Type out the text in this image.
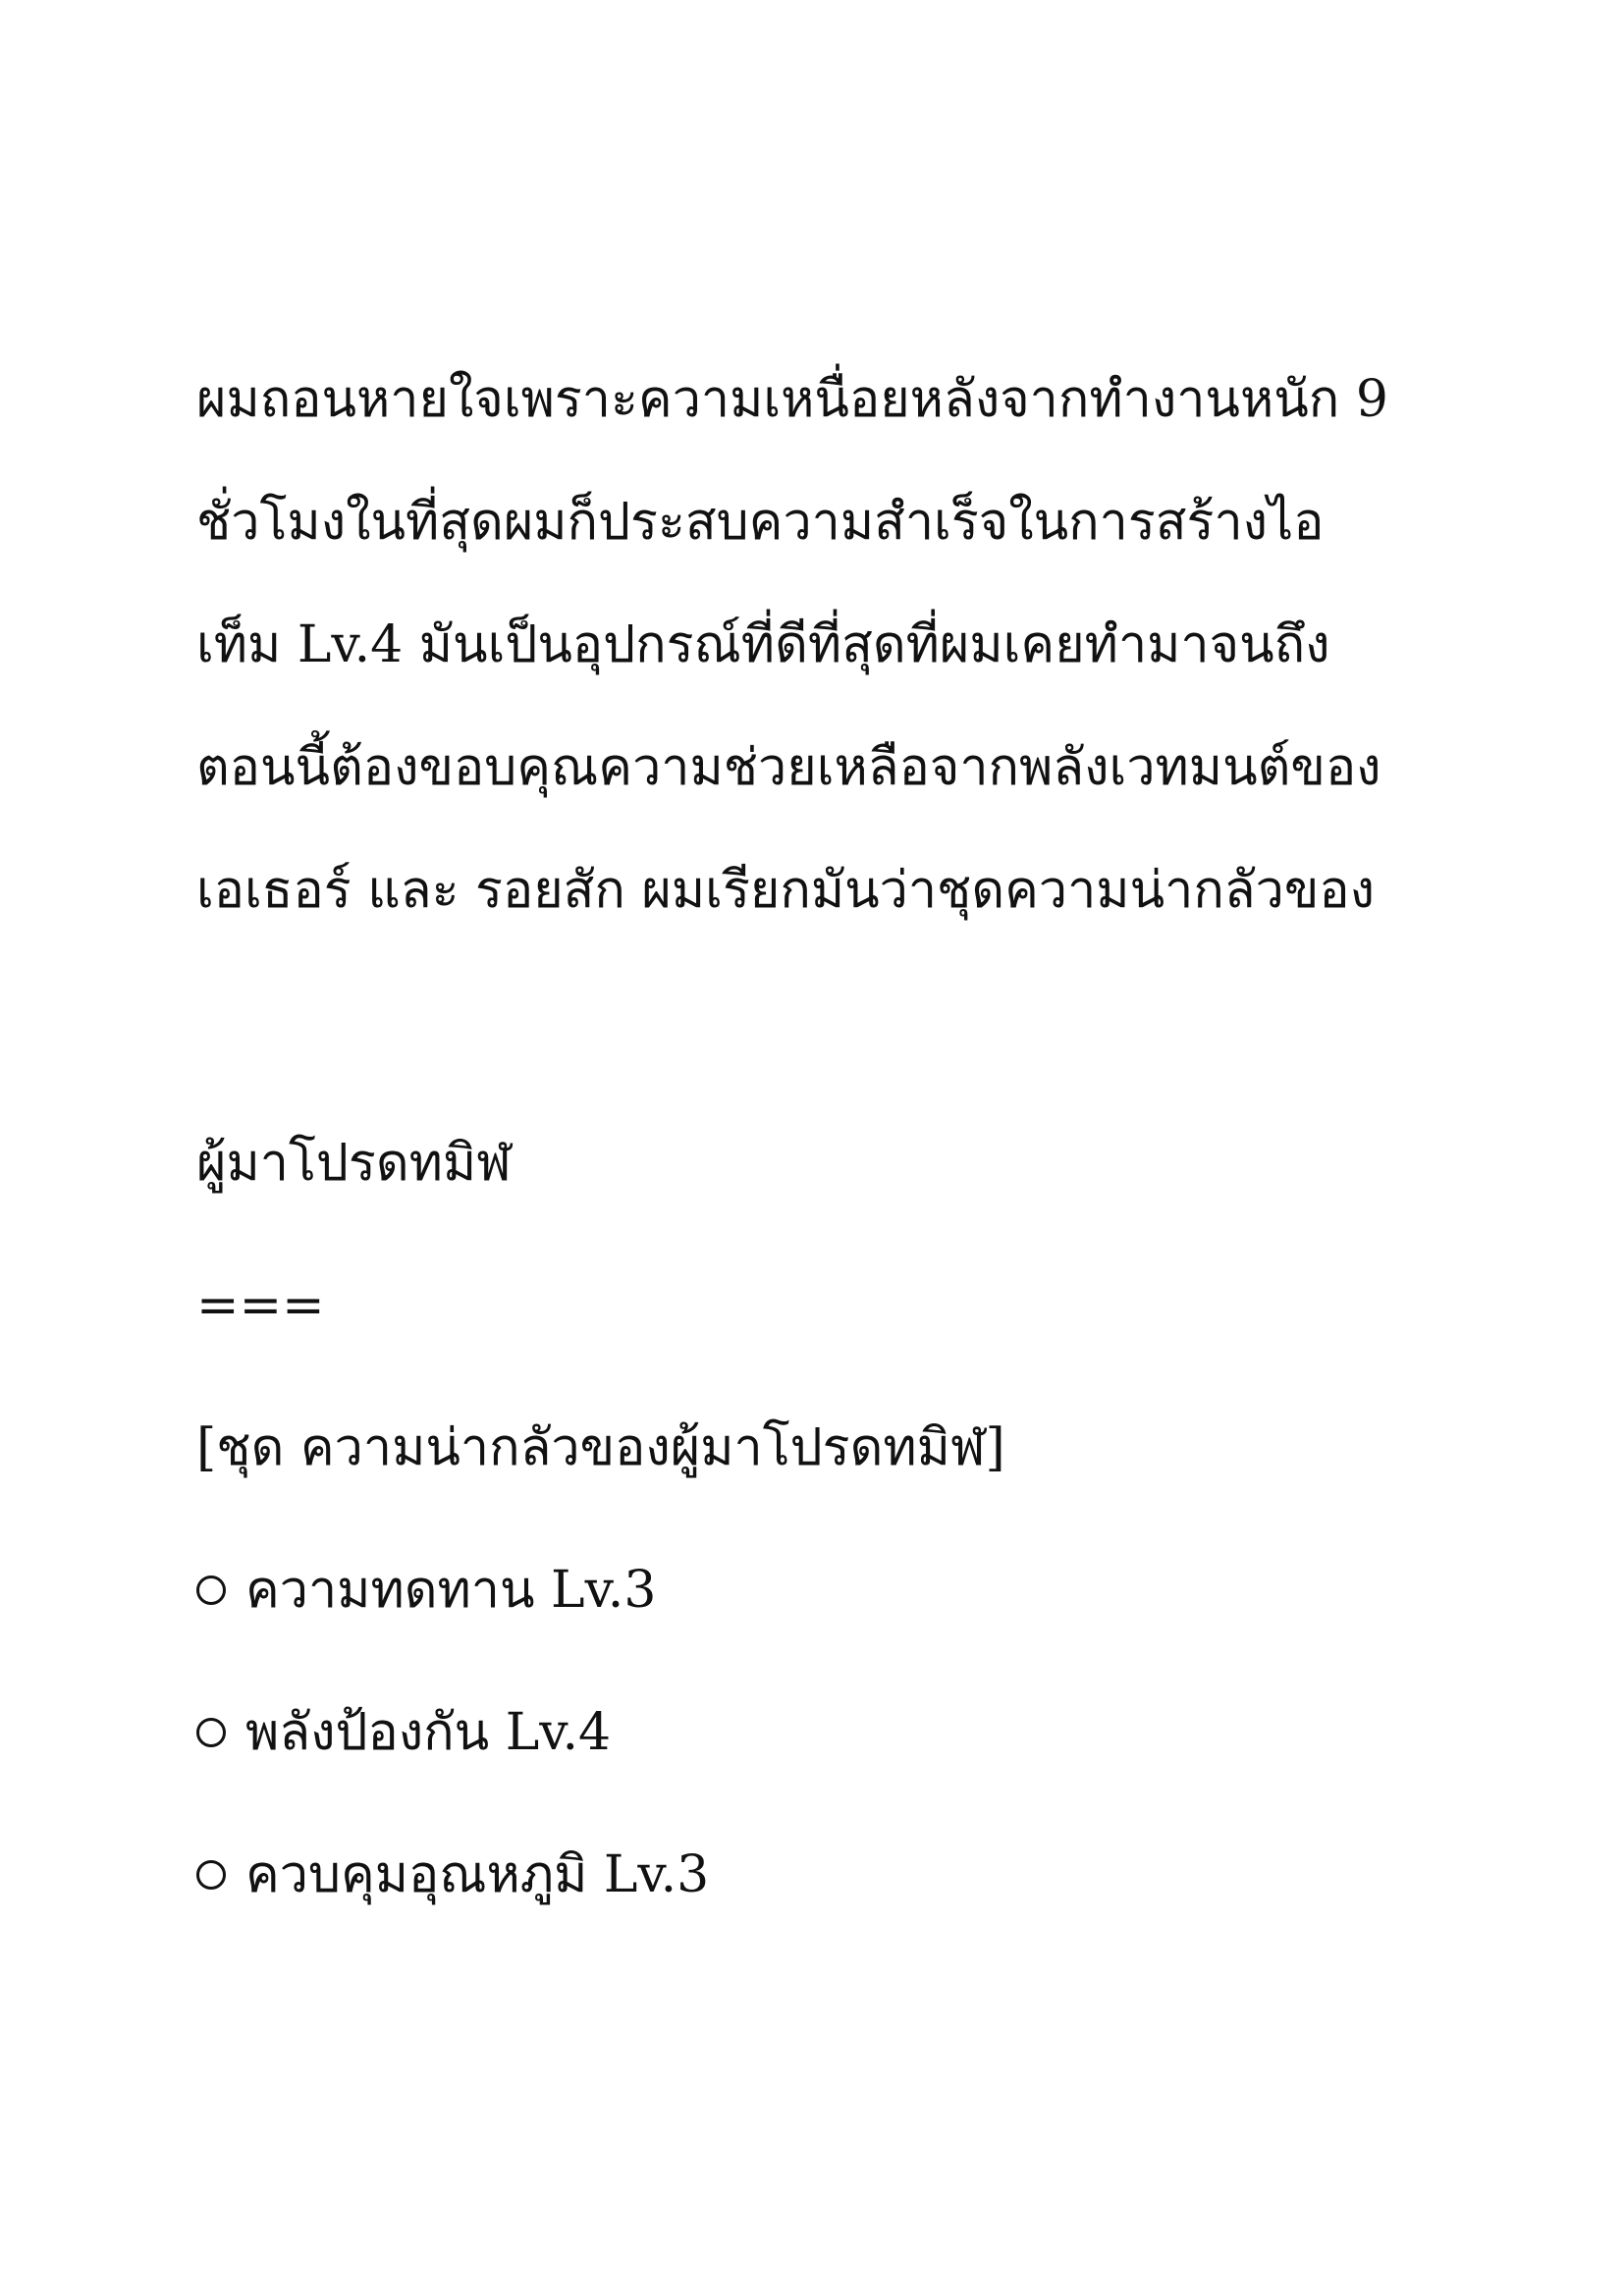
ผมถอนหายใจเพราะความเหนื่อยหลังจากทำงานหนัก 9

ชั่วโมงในที่สุดผมก็ประสบความสำเร็จในการสร้างไอ

เท็ม Lv.4 มันเป็นอุปกรณ์ที่ดีที่สุดที่ผมเคยทำมาจนถึง

ตอนนี้ต้องขอบคุณความช่วยเหลือจากพลังเวทมนต์ของ

เอเธอร์ และ รอยสัก ผมเรียกมันว่าชุดความน่ากลัวของ

ผู้มาโปรดทมิฬ

===

[ชุด ความน่ากลัวของผู้มาโปรดทมิฬ]

ความทดทาน Lv.3
พลังป้องกัน Lv.4
ควบคุมอุณหภูมิ Lv.3
